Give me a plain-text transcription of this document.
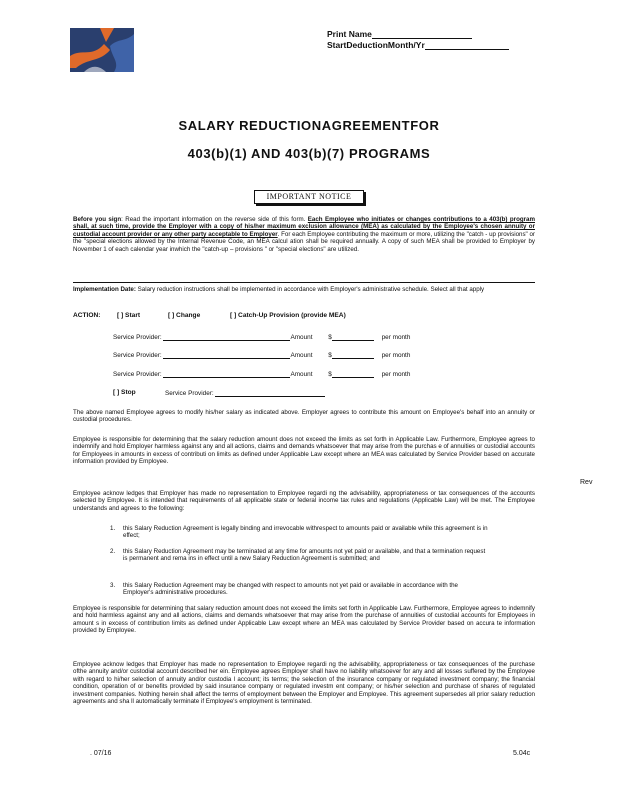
Print Name
StartDeductionMonth/Yr
SALARY REDUCTIONAGREEMENTFOR
403(b)(1) AND 403(b)(7) PROGRAMS
IMPORTANT NOTICE
Before you sign: Read the important information on the reverse side of this form. Each Employee who initiates or changes contributions to a 403(b) program shall, at such time, provide the Employer with a copy of his/her maximum exclusion allowance (MEA) as calculated by the Employee's chosen annuity or custodial account provider or any other party acceptable to Employer. For each Employee contributing the maximum or more, utilizing the "catch - up provisions" or the "special elections allowed by the Internal Revenue Code, an MEA calcul ation shall be required annually. A copy of such MEA shall be provided to Employer by November 1 of each calendar year inwhich the "catch-up – provisions " or "special elections" are utilized.
Implementation Date: Salary reduction instructions shall be implemented in accordance with Employer's administrative schedule. Select all that apply
ACTION:	[ ] Start	[ ] Change	[ ] Catch-Up Provision (provide MEA)
Service Provider:	Amount $	per month
Service Provider:	Amount $	per month
Service Provider:	Amount $	per month
[ ] Stop	Service Provider:
The above named Employee agrees to modify his/her salary as indicated above. Employer agrees to contribute this amount on Employee's behalf into an annuity or custodial procedures.
Employee is responsible for determining that the salary reduction amount does not exceed the limits as set forth in Applicable Law. Furthermore, Employee agrees to indemnify and hold Employer harmless against any and all actions, claims and demands whatsoever that may arise from the purchas e of annuities or custodial accounts for Employees in amounts in excess of contributi on limits as defined under Applicable Law except where an MEA was calculated by Service Provider based on accurate information provided by Employee.
Employee acknow ledges that Employer has made no representation to Employee regardi ng the advisability, appropriateness or tax consequences of the accounts selected by Employee. It is intended that requirements of all applicable state or federal income tax rules and regulations (Applicable Law) will be met. The Employee understands and agrees to the following:
1. this Salary Reduction Agreement is legally binding and irrevocable withrespect to amounts paid or available while this agreement is in effect;
2. this Salary Reduction Agreement may be terminated at any time for amounts not yet paid or available, and that a termination request is permanent and rema ins in effect until a new Salary Reduction Agreement is submitted; and
3. this Salary Reduction Agreement may be changed with respect to amounts not yet paid or available in accordance with the Employer's administrative procedures.
Employee is responsible for determining that salary reduction amount does not exceed the limits set forth in Applicable Law. Furthermore, Employee agrees to indemnify and hold harmless against any and all actions, claims and demands whatsoever that may arise from the purchase of annuities of custodial accounts for Employees in amount s in excess of contribution limits as defined under Applicable Law except where an MEA was calculated by Service Provider based on accura te information provided by Employee.
Employee acknow ledges that Employer has made no representation to Employee regardi ng the advisability, appropriateness or tax consequences of the purchase ofthe annuity and/or custodial account described her ein. Employee agrees Employer shall have no liability whatsoever for any and all losses suffered by the Employee with regard to hi/her selection of annuity and/or custodia l account; its terms; the selection of the insurance company or regulated investment company; the financial condition, operation of or benefits provided by said insurance company or regulated investm ent company; or his/her selection and purchase of shares of regulated investment companies. Nothing herein shall affect the terms of employment between the Employer and Employee. This agreement supersedes all prior salary reduction agreements and sha ll automatically terminate if Employee's employment is terminated.
Rev
. 07/16	5.04c
